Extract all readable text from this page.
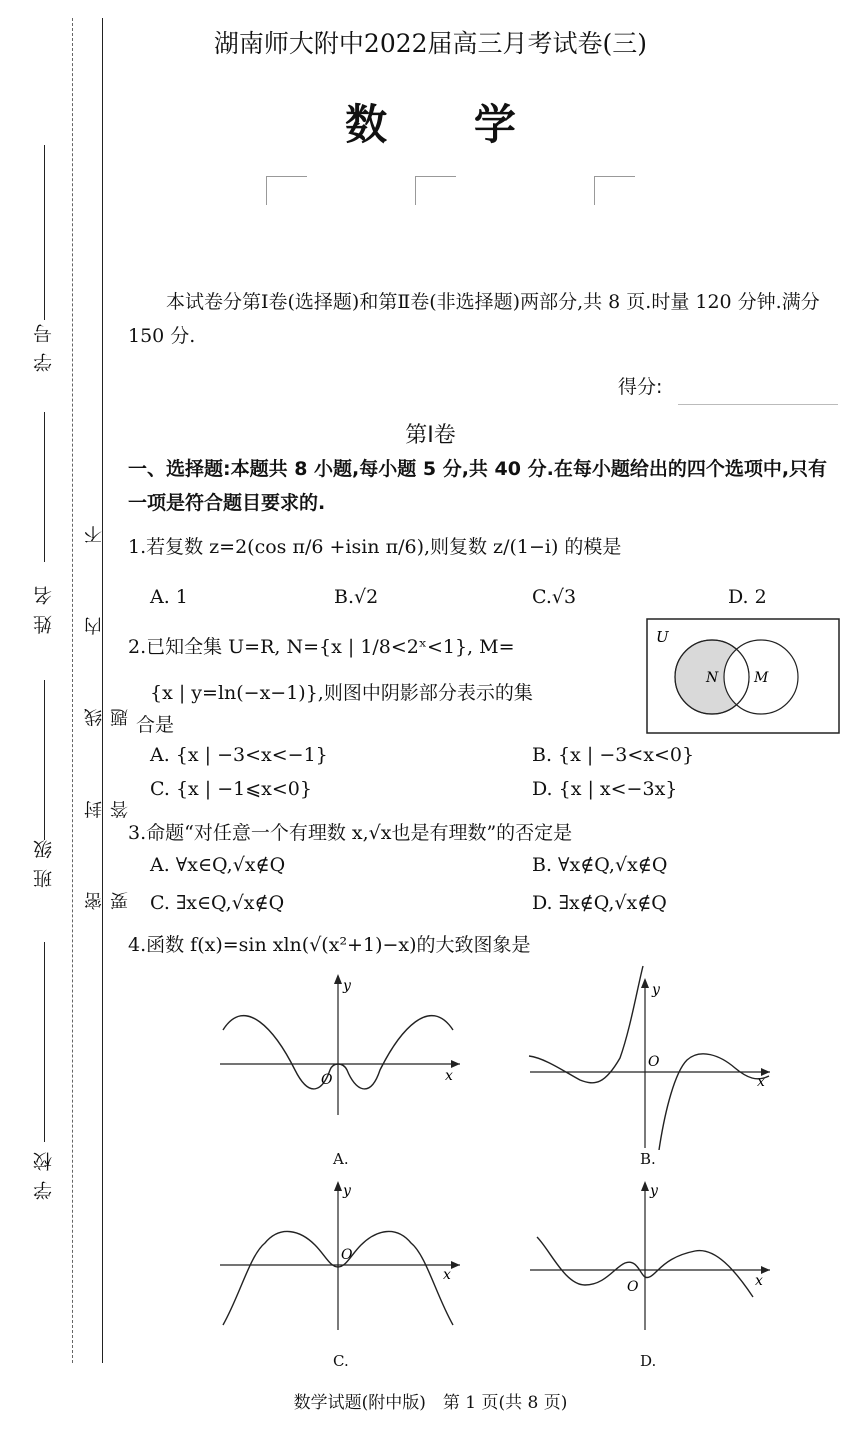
学 号
姓 名
班 级
学 校
密 封 线 内 不 要 答 题
湖南师大附中2022届高三月考试卷(三)
数 学
本试卷分第Ⅰ卷(选择题)和第Ⅱ卷(非选择题)两部分,共 8 页.时量 120 分钟.满分 150 分.
得分:
第Ⅰ卷
一、选择题:本题共 8 小题,每小题 5 分,共 40 分.在每小题给出的四个选项中,只有一项是符合题目要求的.
1.若复数 z=2(cos π/6 +isin π/6),则复数 z/(1−i) 的模是
A. 1	B.√2	C.√3	D. 2
2.已知全集 U=R, N={x | 1/8<2ˣ<1}, M=
{x | y=ln(−x−1)},则图中阴影部分表示的集
合是
U
N	M
A. {x | −3<x<−1}	B. {x | −3<x<0}
C. {x | −1⩽x<0}	D. {x | x<−3x}
3.命题“对任意一个有理数 x,√x也是有理数”的否定是
A. ∀x∈Q,√x∉Q	B. ∀x∉Q,√x∉Q
C. ∃x∈Q,√x∉Q	D. ∃x∉Q,√x∉Q
4.函数 f(x)=sin xln(√(x²+1)−x)的大致图象是
O
y
x
A.
O
y
x
B.
O
y
x
C.
O
y
x
D.
数学试题(附中版)　第 1 页(共 8 页)
